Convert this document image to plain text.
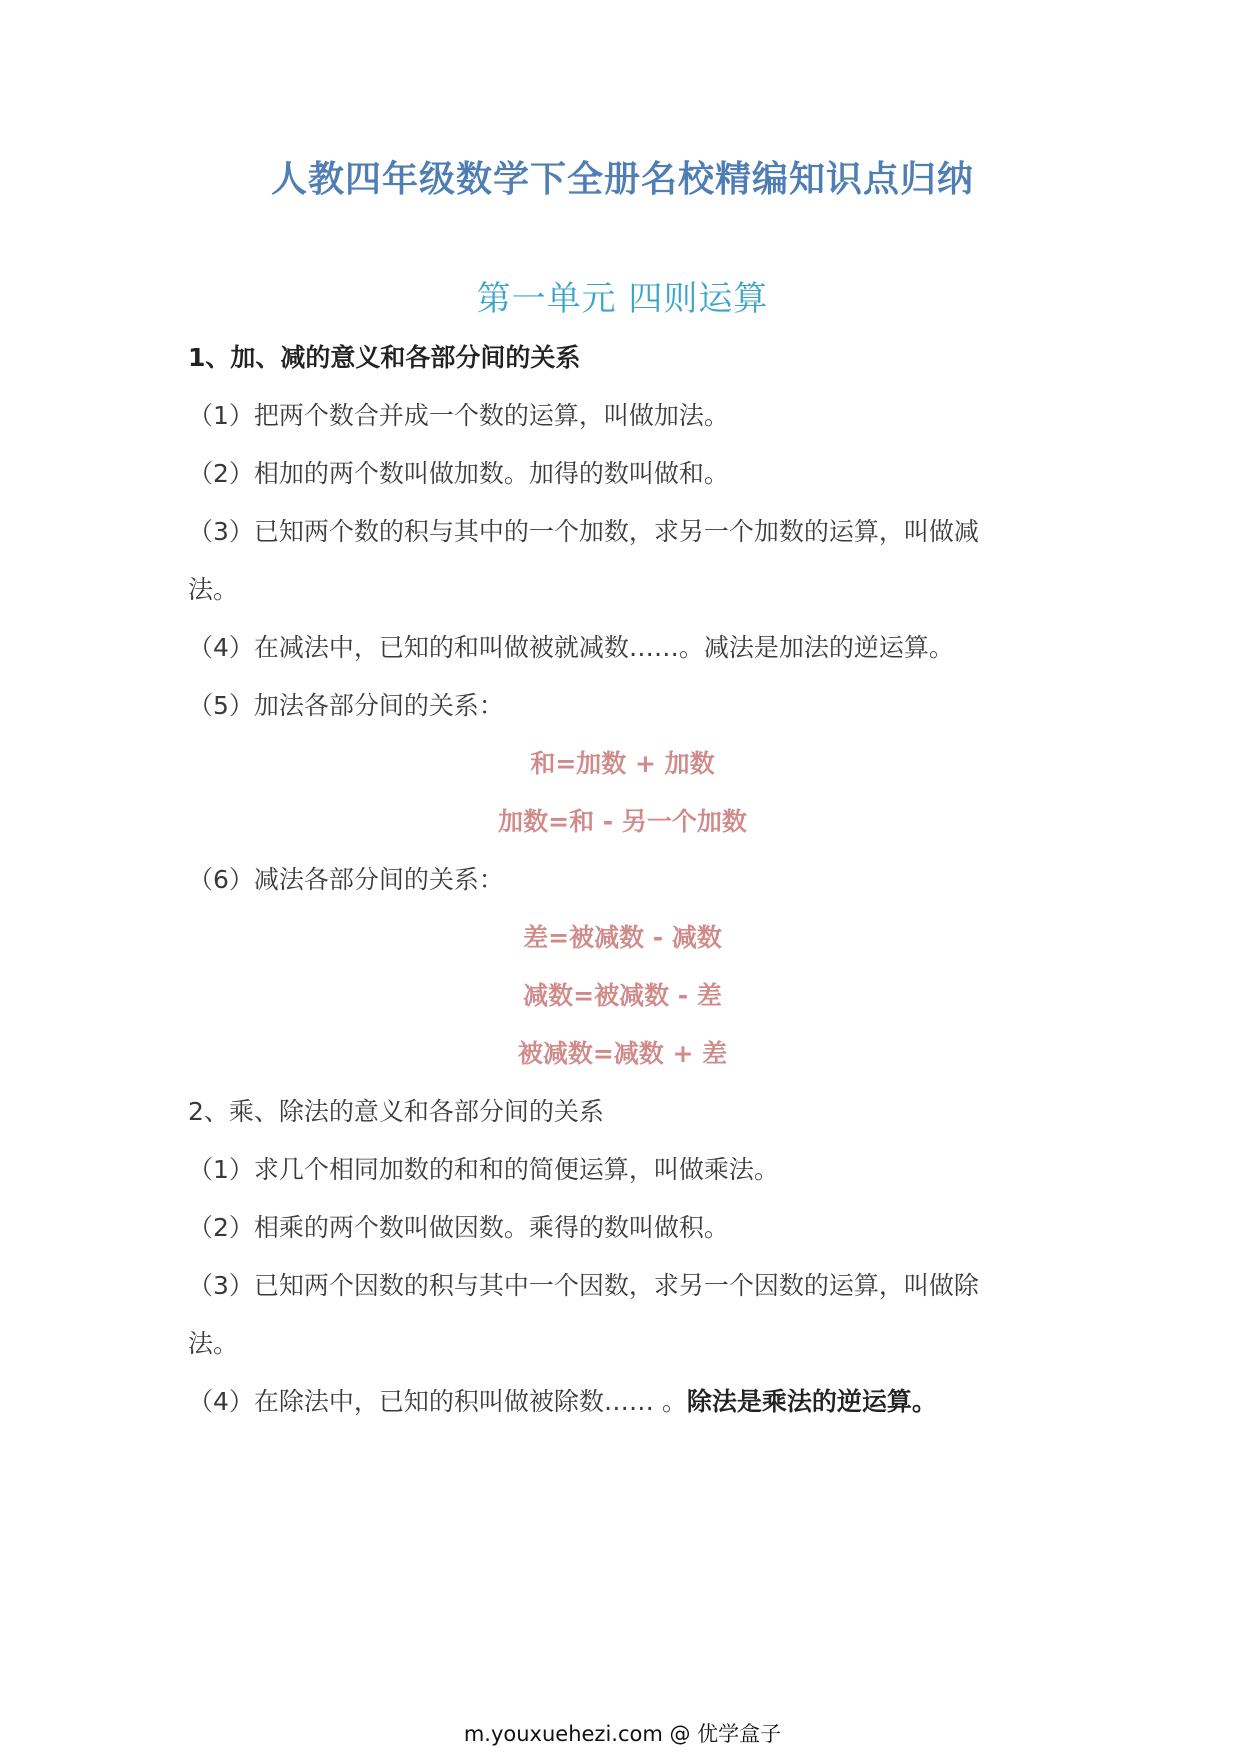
人教四年级数学下全册名校精编知识点归纳
第一单元 四则运算
1、加、减的意义和各部分间的关系
（1）把两个数合并成一个数的运算，叫做加法。
（2）相加的两个数叫做加数。加得的数叫做和。
（3）已知两个数的积与其中的一个加数，求另一个加数的运算，叫做减
法。
（4）在减法中，已知的和叫做被就减数……。减法是加法的逆运算。
（5）加法各部分间的关系：
和=加数 + 加数
加数=和 - 另一个加数
（6）减法各部分间的关系：
差=被减数 - 减数
减数=被减数 - 差
被减数=减数 + 差
2、乘、除法的意义和各部分间的关系
（1）求几个相同加数的和和的简便运算，叫做乘法。
（2）相乘的两个数叫做因数。乘得的数叫做积。
（3）已知两个因数的积与其中一个因数，求另一个因数的运算，叫做除
法。
（4）在除法中，已知的积叫做被除数…… 。除法是乘法的逆运算。
m.youxuehezi.com @ 优学盒子
